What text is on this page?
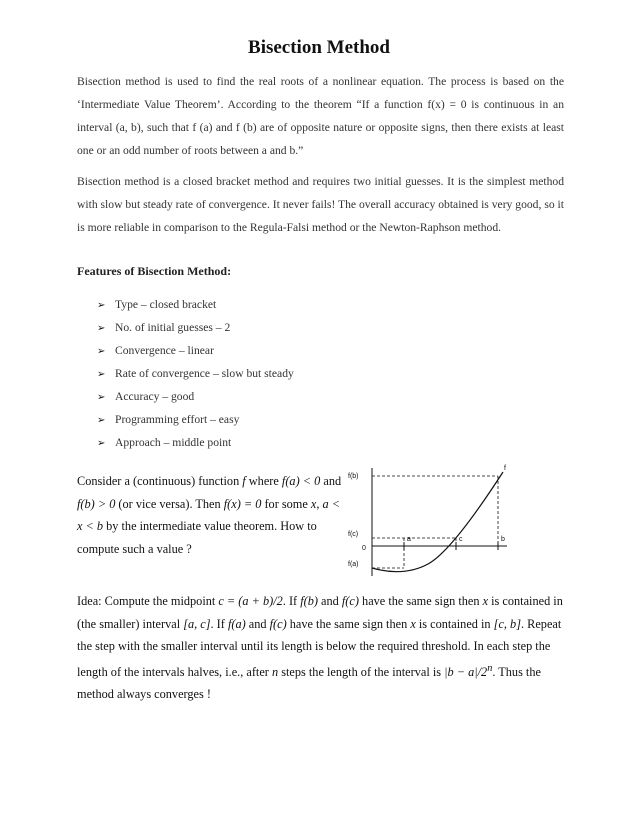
Bisection Method

Bisection method is used to find the real roots of a nonlinear equation. The process is based on the ‘Intermediate Value Theorem’. According to the theorem “If a function f(x) = 0 is continuous in an interval (a, b), such that f (a) and f (b) are of opposite nature or opposite signs, then there exists at least one or an odd number of roots between a and b.”

Bisection method is a closed bracket method and requires two initial guesses. It is the simplest method with slow but steady rate of convergence. It never fails! The overall accuracy obtained is very good, so it is more reliable in comparison to the Regula-Falsi method or the Newton-Raphson method.

Features of Bisection Method:

➢ Type – closed bracket
➢ No. of initial guesses – 2
➢ Convergence – linear
➢ Rate of convergence – slow but steady
➢ Accuracy – good
➢ Programming effort – easy
➢ Approach – middle point

Consider a (continuous) function f where f(a) < 0 and f(b) > 0 (or vice versa). Then f(x) = 0 for some x, a < x < b by the intermediate value theorem. How to compute such a value ?

f(b)
f(c)
0
f(a)
a	c	b
f

Idea: Compute the midpoint c = (a + b)/2. If f(b) and f(c) have the same sign then x is contained in (the smaller) interval [a, c]. If f(a) and f(c) have the same sign then x is contained in [c, b]. Repeat the step with the smaller interval until its length is below the required threshold. In each step the length of the intervals halves, i.e., after n steps the length of the interval is $|b - a|/2^n$. Thus the method always converges !
